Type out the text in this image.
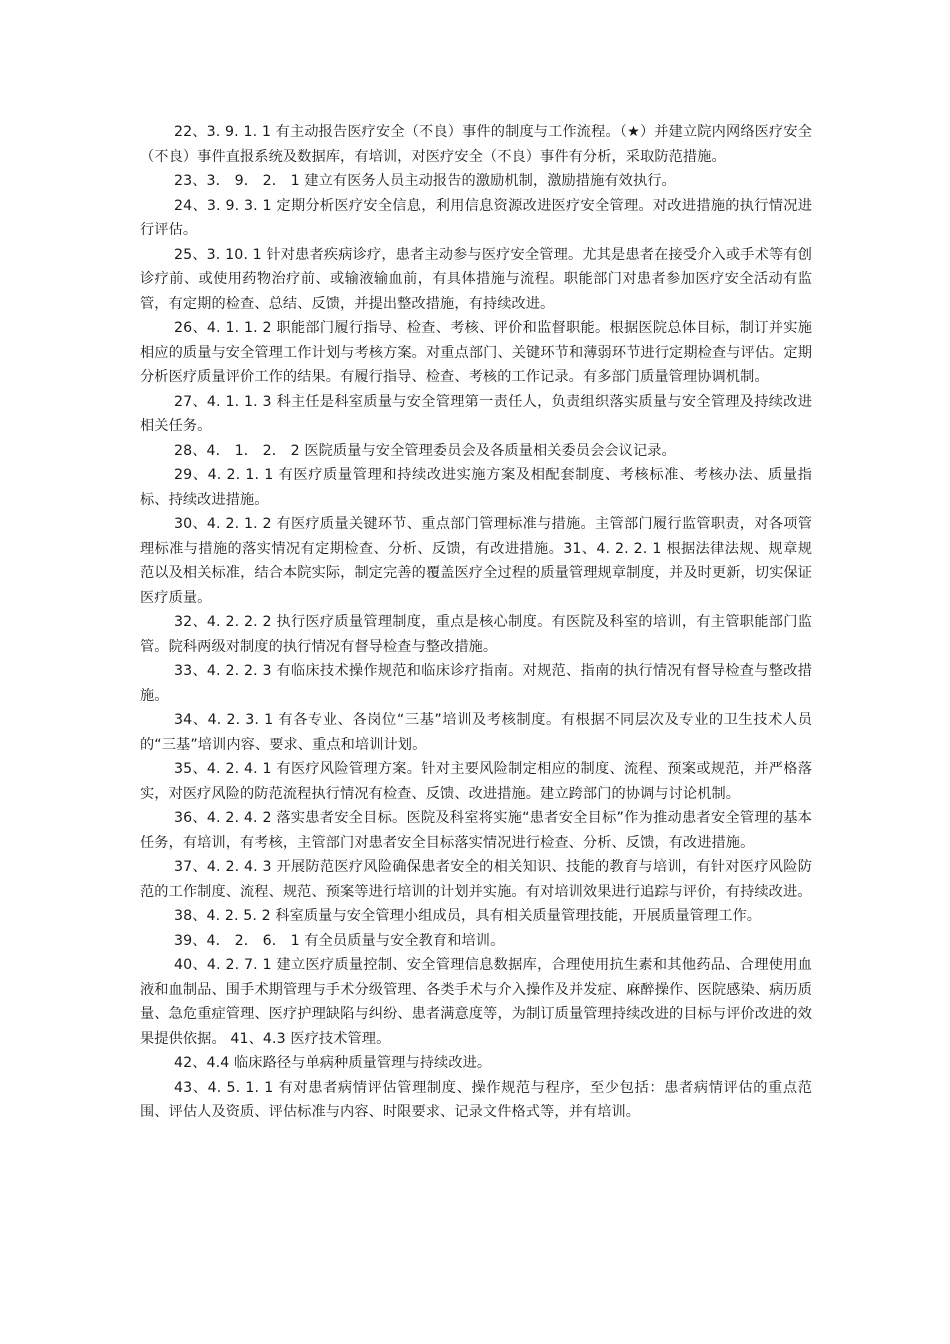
22、3. 9. 1. 1 有主动报告医疗安全（不良）事件的制度与工作流程。（★）并建立院内网络医疗安全（不良）事件直报系统及数据库，有培训，对医疗安全（不良）事件有分析，采取防范措施。

23、3． 9． 2． 1 建立有医务人员主动报告的激励机制，激励措施有效执行。

24、3. 9. 3. 1 定期分析医疗安全信息，利用信息资源改进医疗安全管理。对改进措施的执行情况进行评估。

25、3. 10. 1 针对患者疾病诊疗，患者主动参与医疗安全管理。尤其是患者在接受介入或手术等有创诊疗前、或使用药物治疗前、或输液输血前，有具体措施与流程。职能部门对患者参加医疗安全活动有监管，有定期的检查、总结、反馈，并提出整改措施，有持续改进。

26、4. 1. 1. 2 职能部门履行指导、检查、考核、评价和监督职能。根据医院总体目标，制订并实施相应的质量与安全管理工作计划与考核方案。对重点部门、关键环节和薄弱环节进行定期检查与评估。定期分析医疗质量评价工作的结果。有履行指导、检查、考核的工作记录。有多部门质量管理协调机制。

27、4. 1. 1. 3 科主任是科室质量与安全管理第一责任人，负责组织落实质量与安全管理及持续改进相关任务。

28、4． 1． 2． 2 医院质量与安全管理委员会及各质量相关委员会会议记录。

29、4. 2. 1. 1 有医疗质量管理和持续改进实施方案及相配套制度、考核标准、考核办法、质量指标、持续改进措施。

30、4. 2. 1. 2 有医疗质量关键环节、重点部门管理标准与措施。主管部门履行监管职责，对各项管理标准与措施的落实情况有定期检查、分析、反馈，有改进措施。31、4. 2. 2. 1 根据法律法规、规章规范以及相关标准，结合本院实际，制定完善的覆盖医疗全过程的质量管理规章制度，并及时更新，切实保证医疗质量。

32、4. 2. 2. 2 执行医疗质量管理制度，重点是核心制度。有医院及科室的培训，有主管职能部门监管。院科两级对制度的执行情况有督导检查与整改措施。

33、4. 2. 2. 3 有临床技术操作规范和临床诊疗指南。对规范、指南的执行情况有督导检查与整改措施。

34、4. 2. 3. 1 有各专业、各岗位“三基”培训及考核制度。有根据不同层次及专业的卫生技术人员的“三基”培训内容、要求、重点和培训计划。

35、4. 2. 4. 1 有医疗风险管理方案。针对主要风险制定相应的制度、流程、预案或规范，并严格落实，对医疗风险的防范流程执行情况有检查、反馈、改进措施。建立跨部门的协调与讨论机制。

36、4. 2. 4. 2 落实患者安全目标。医院及科室将实施“患者安全目标”作为推动患者安全管理的基本任务，有培训，有考核，主管部门对患者安全目标落实情况进行检查、分析、反馈，有改进措施。

37、4. 2. 4. 3 开展防范医疗风险确保患者安全的相关知识、技能的教育与培训，有针对医疗风险防范的工作制度、流程、规范、预案等进行培训的计划并实施。有对培训效果进行追踪与评价，有持续改进。

38、4. 2. 5. 2 科室质量与安全管理小组成员，具有相关质量管理技能，开展质量管理工作。

39、4． 2． 6． 1 有全员质量与安全教育和培训。

40、4. 2. 7. 1 建立医疗质量控制、安全管理信息数据库，合理使用抗生素和其他药品、合理使用血液和血制品、围手术期管理与手术分级管理、各类手术与介入操作及并发症、麻醉操作、医院感染、病历质量、急危重症管理、医疗护理缺陷与纠纷、患者满意度等，为制订质量管理持续改进的目标与评价改进的效果提供依据。 41、4.3 医疗技术管理。

42、4.4 临床路径与单病种质量管理与持续改进。

43、4. 5. 1. 1 有对患者病情评估管理制度、操作规范与程序，至少包括：患者病情评估的重点范围、评估人及资质、评估标准与内容、时限要求、记录文件格式等，并有培训。
